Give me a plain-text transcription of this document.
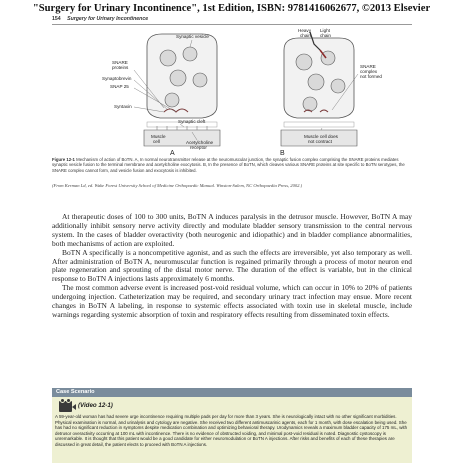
"Surgery for Urinary Incontinence", 1st Edition, ISBN: 9781416062677, ©2013 Elsevier
154 Surgery for Urinary Incontinence
Synaptic vesicle
SNARE
proteins
Synaptobrevin
SNAP 25
Syntaxin
Synaptic cleft
Muscle
cell	Acetylcholine
receptor
A
Heavy
chain
Light
chain
SNARE
complex
not formed
Muscle cell does
not contract
B
Figure 12-1 Mechanism of action of BoTN. A, In normal neurotransmitter release at the neuromuscular junction, the synaptic fusion complex comprising the SNARE proteins mediates synaptic vesicle fusion to the terminal membrane and acetylcholine exocytosis. B, In the presence of BoTN, which cleaves various SNARE proteins at site specific to BoTN serotypes, the SNARE complex cannot form, and vesicle fusion and exocytosis is inhibited.
(From Kerman Ld, ed. Wake Forest University School of Medicine Orthopaedic Manual. Winston-Salem, NC Orthopaedia Press, 2002.)

At therapeutic doses of 100 to 300 units, BoTN A induces paralysis in the detrusor muscle. However, BoTN A may additionally inhibit sensory nerve activity directly and modulate bladder sensory transmission to the central nervous system. In the cases of bladder overactivity (both neurogenic and idiopathic) and in bladder compliance abnormalities, both mechanisms of action are exploited.

BoTN A specifically is a noncompetitive agonist, and as such the effects are irreversible, yet also temporary as well. After administration of BoTN A, neuromuscular function is regained primarily through a process of motor neuron end plate regeneration and sprouting of the distal motor nerve. The duration of the effect is variable, but in the clinical response to BoTN A injections lasts approximately 6 months.

The most common adverse event is increased post-void residual volume, which can occur in 10% to 20% of patients undergoing injection. Catheterization may be required, and secondary urinary tract infection may ensue. More recent changes in BoTN A labeling, in response to systemic effects associated with toxin use in skeletal muscle, include warnings regarding systemic absorption of toxin and respiratory effects resulting from disseminated toxin effects.

Case Scenario
(Video 12-1)
A 59-year-old woman has had severe urge incontinence requiring multiple pads per day for more than 3 years. She is neurologically intact with no other significant morbidities. Physical examination is normal, and urinalysis and cytology are negative. She received two different antimuscarinic agents, each for 1 month, with dose escalation being used. She has had no significant reduction in symptoms despite medication combination and optimizing behavioral therapy. Urodynamics reveals a maximum bladder capacity of 175 mL, with detrusor overactivity occurring at 100 mL with incontinence. There is no evidence of obstructed voiding, and minimal post-void residual is noted. Diagnostic cystoscopy is unremarkable. It is thought that this patient would be a good candidate for either neuromodulation or BoTN A injections. After risks and benefits of each of these therapies are discussed in great detail, the patient elects to proceed with BoTN A injections.
